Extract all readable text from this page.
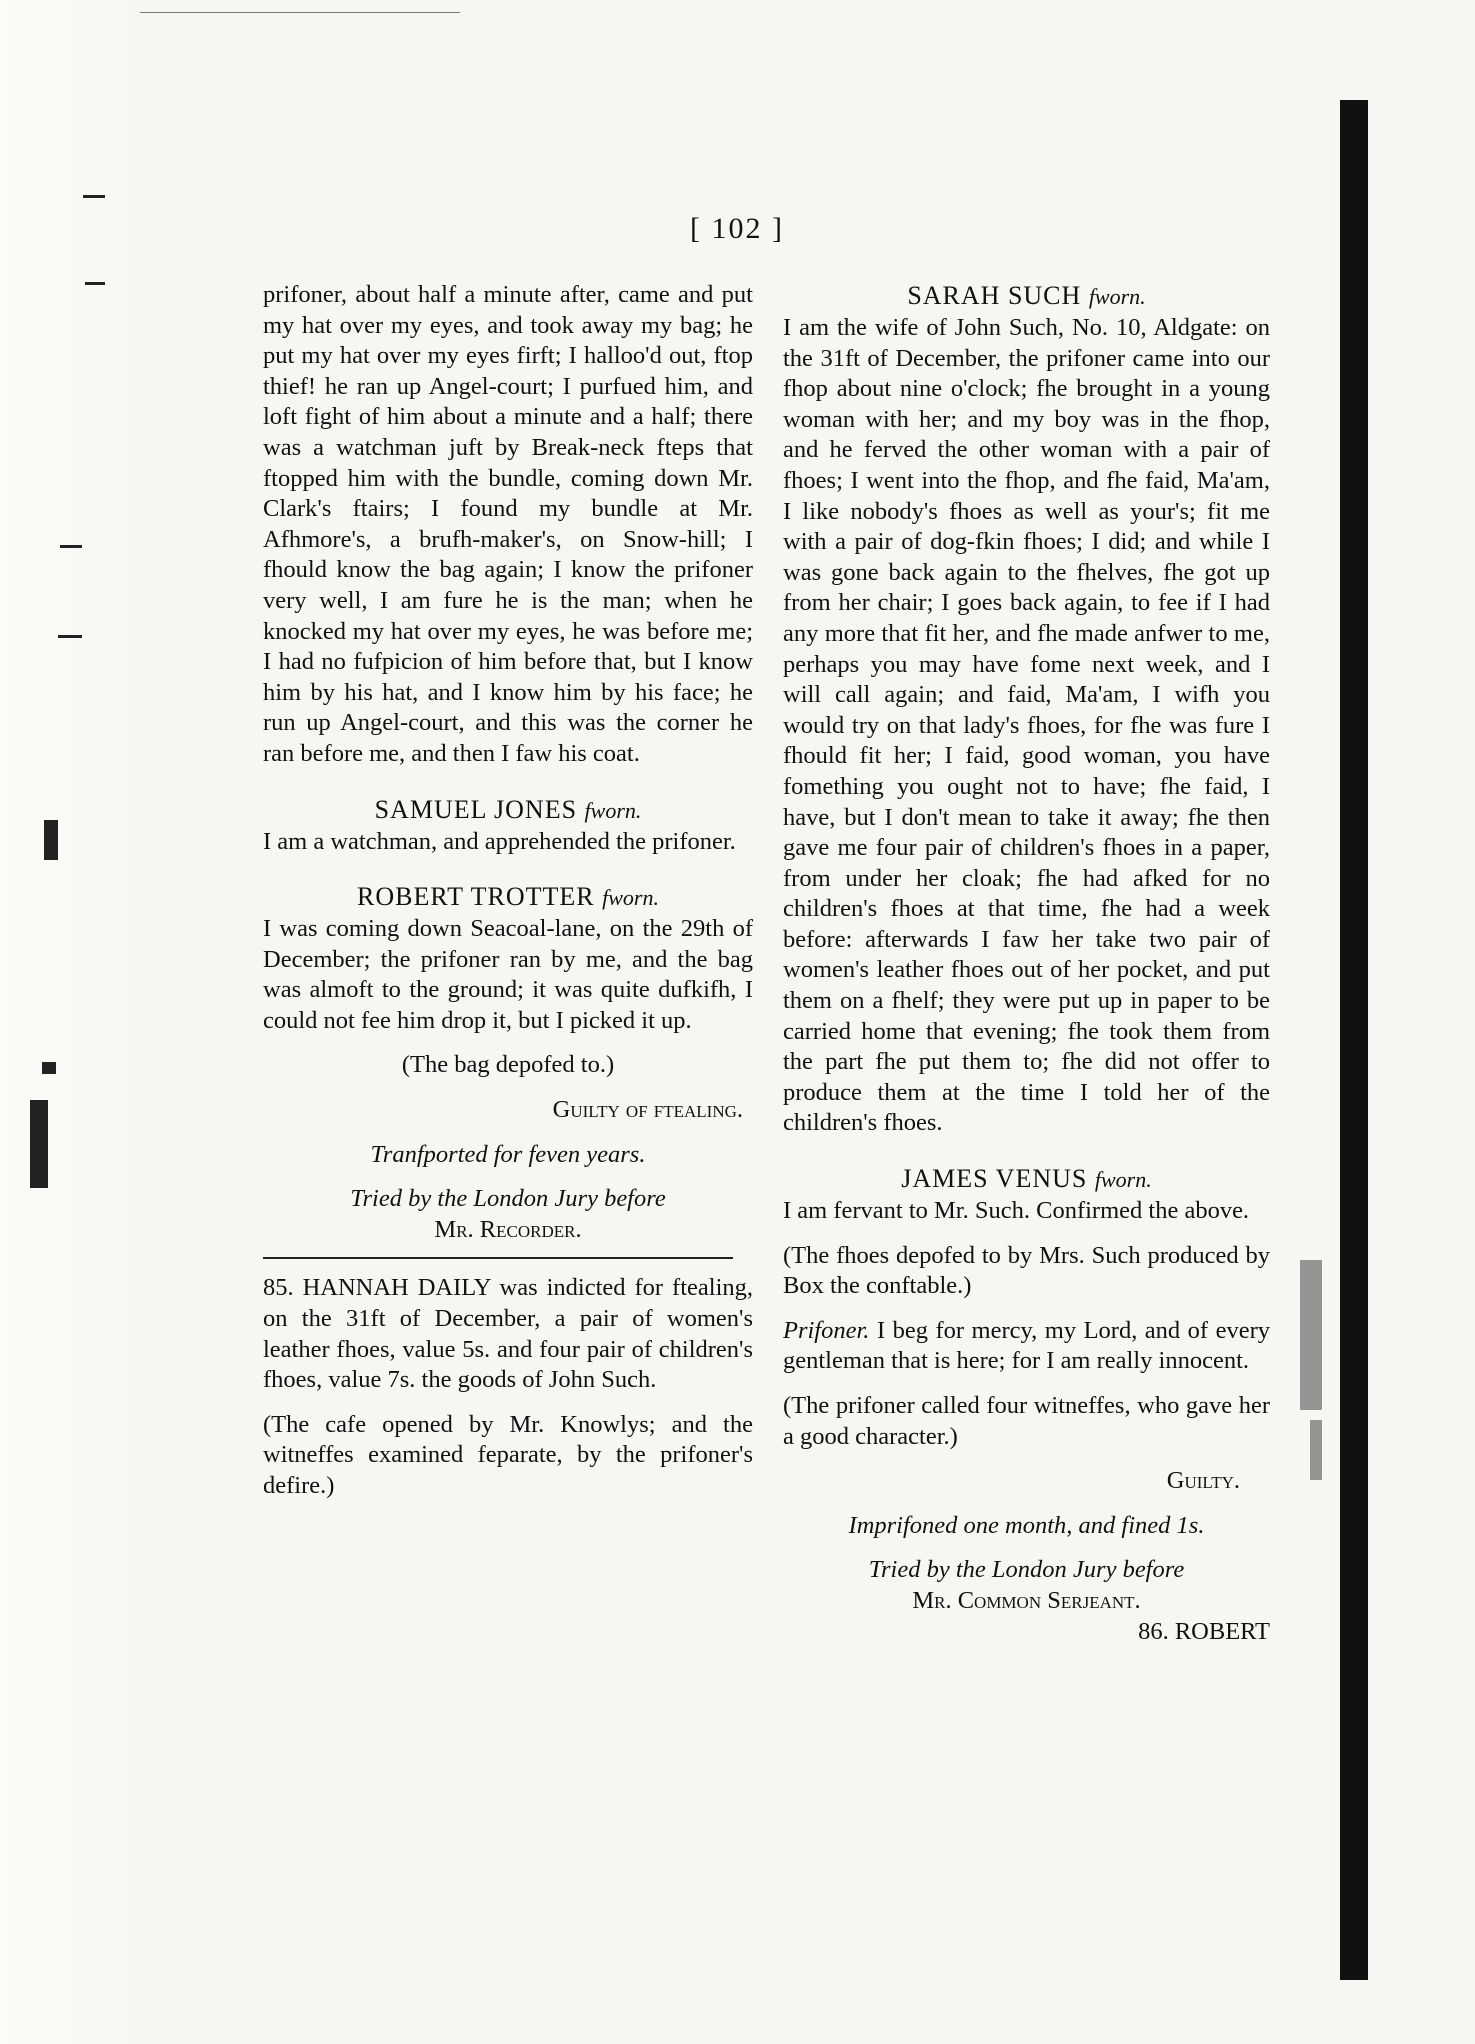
[ 102 ]

prifoner, about half a minute after, came and put my hat over my eyes, and took away my bag; he put my hat over my eyes firft; I halloo'd out, ftop thief! he ran up Angel-court; I purfued him, and loft fight of him about a minute and a half; there was a watchman juft by Break-neck fteps that ftopped him with the bundle, coming down Mr. Clark's ftairs; I found my bundle at Mr. Afhmore's, a brufh-maker's, on Snow-hill; I fhould know the bag again; I know the prifoner very well, I am fure he is the man; when he knocked my hat over my eyes, he was before me; I had no fufpicion of him before that, but I know him by his hat, and I know him by his face; he run up Angel-court, and this was the corner he ran before me, and then I faw his coat.

SAMUEL JONES fworn.

I am a watchman, and apprehended the prifoner.

ROBERT TROTTER fworn.

I was coming down Seacoal-lane, on the 29th of December; the prifoner ran by me, and the bag was almoft to the ground; it was quite dufkifh, I could not fee him drop it, but I picked it up.

(The bag depofed to.)

Guilty of ftealing.

Tranfported for feven years.

Tried by the London Jury before

Mr. Recorder.

85. HANNAH DAILY was indicted for ftealing, on the 31ft of December, a pair of women's leather fhoes, value 5s. and four pair of children's fhoes, value 7s. the goods of John Such.

(The cafe opened by Mr. Knowlys; and the witneffes examined feparate, by the prifoner's defire.)

SARAH SUCH fworn.

I am the wife of John Such, No. 10, Aldgate: on the 31ft of December, the prifoner came into our fhop about nine o'clock; fhe brought in a young woman with her; and my boy was in the fhop, and he ferved the other woman with a pair of fhoes; I went into the fhop, and fhe faid, Ma'am, I like nobody's fhoes as well as your's; fit me with a pair of dog-fkin fhoes; I did; and while I was gone back again to the fhelves, fhe got up from her chair; I goes back again, to fee if I had any more that fit her, and fhe made anfwer to me, perhaps you may have fome next week, and I will call again; and faid, Ma'am, I wifh you would try on that lady's fhoes, for fhe was fure I fhould fit her; I faid, good woman, you have fomething you ought not to have; fhe faid, I have, but I don't mean to take it away; fhe then gave me four pair of children's fhoes in a paper, from under her cloak; fhe had afked for no children's fhoes at that time, fhe had a week before: afterwards I faw her take two pair of women's leather fhoes out of her pocket, and put them on a fhelf; they were put up in paper to be carried home that evening; fhe took them from the part fhe put them to; fhe did not offer to produce them at the time I told her of the children's fhoes.

JAMES VENUS fworn.

I am fervant to Mr. Such. Confirmed the above.

(The fhoes depofed to by Mrs. Such produced by Box the conftable.)

Prifoner. I beg for mercy, my Lord, and of every gentleman that is here; for I am really innocent.

(The prifoner called four witneffes, who gave her a good character.)

Guilty.

Imprifoned one month, and fined 1s.

Tried by the London Jury before

Mr. Common Serjeant.

86. ROBERT
